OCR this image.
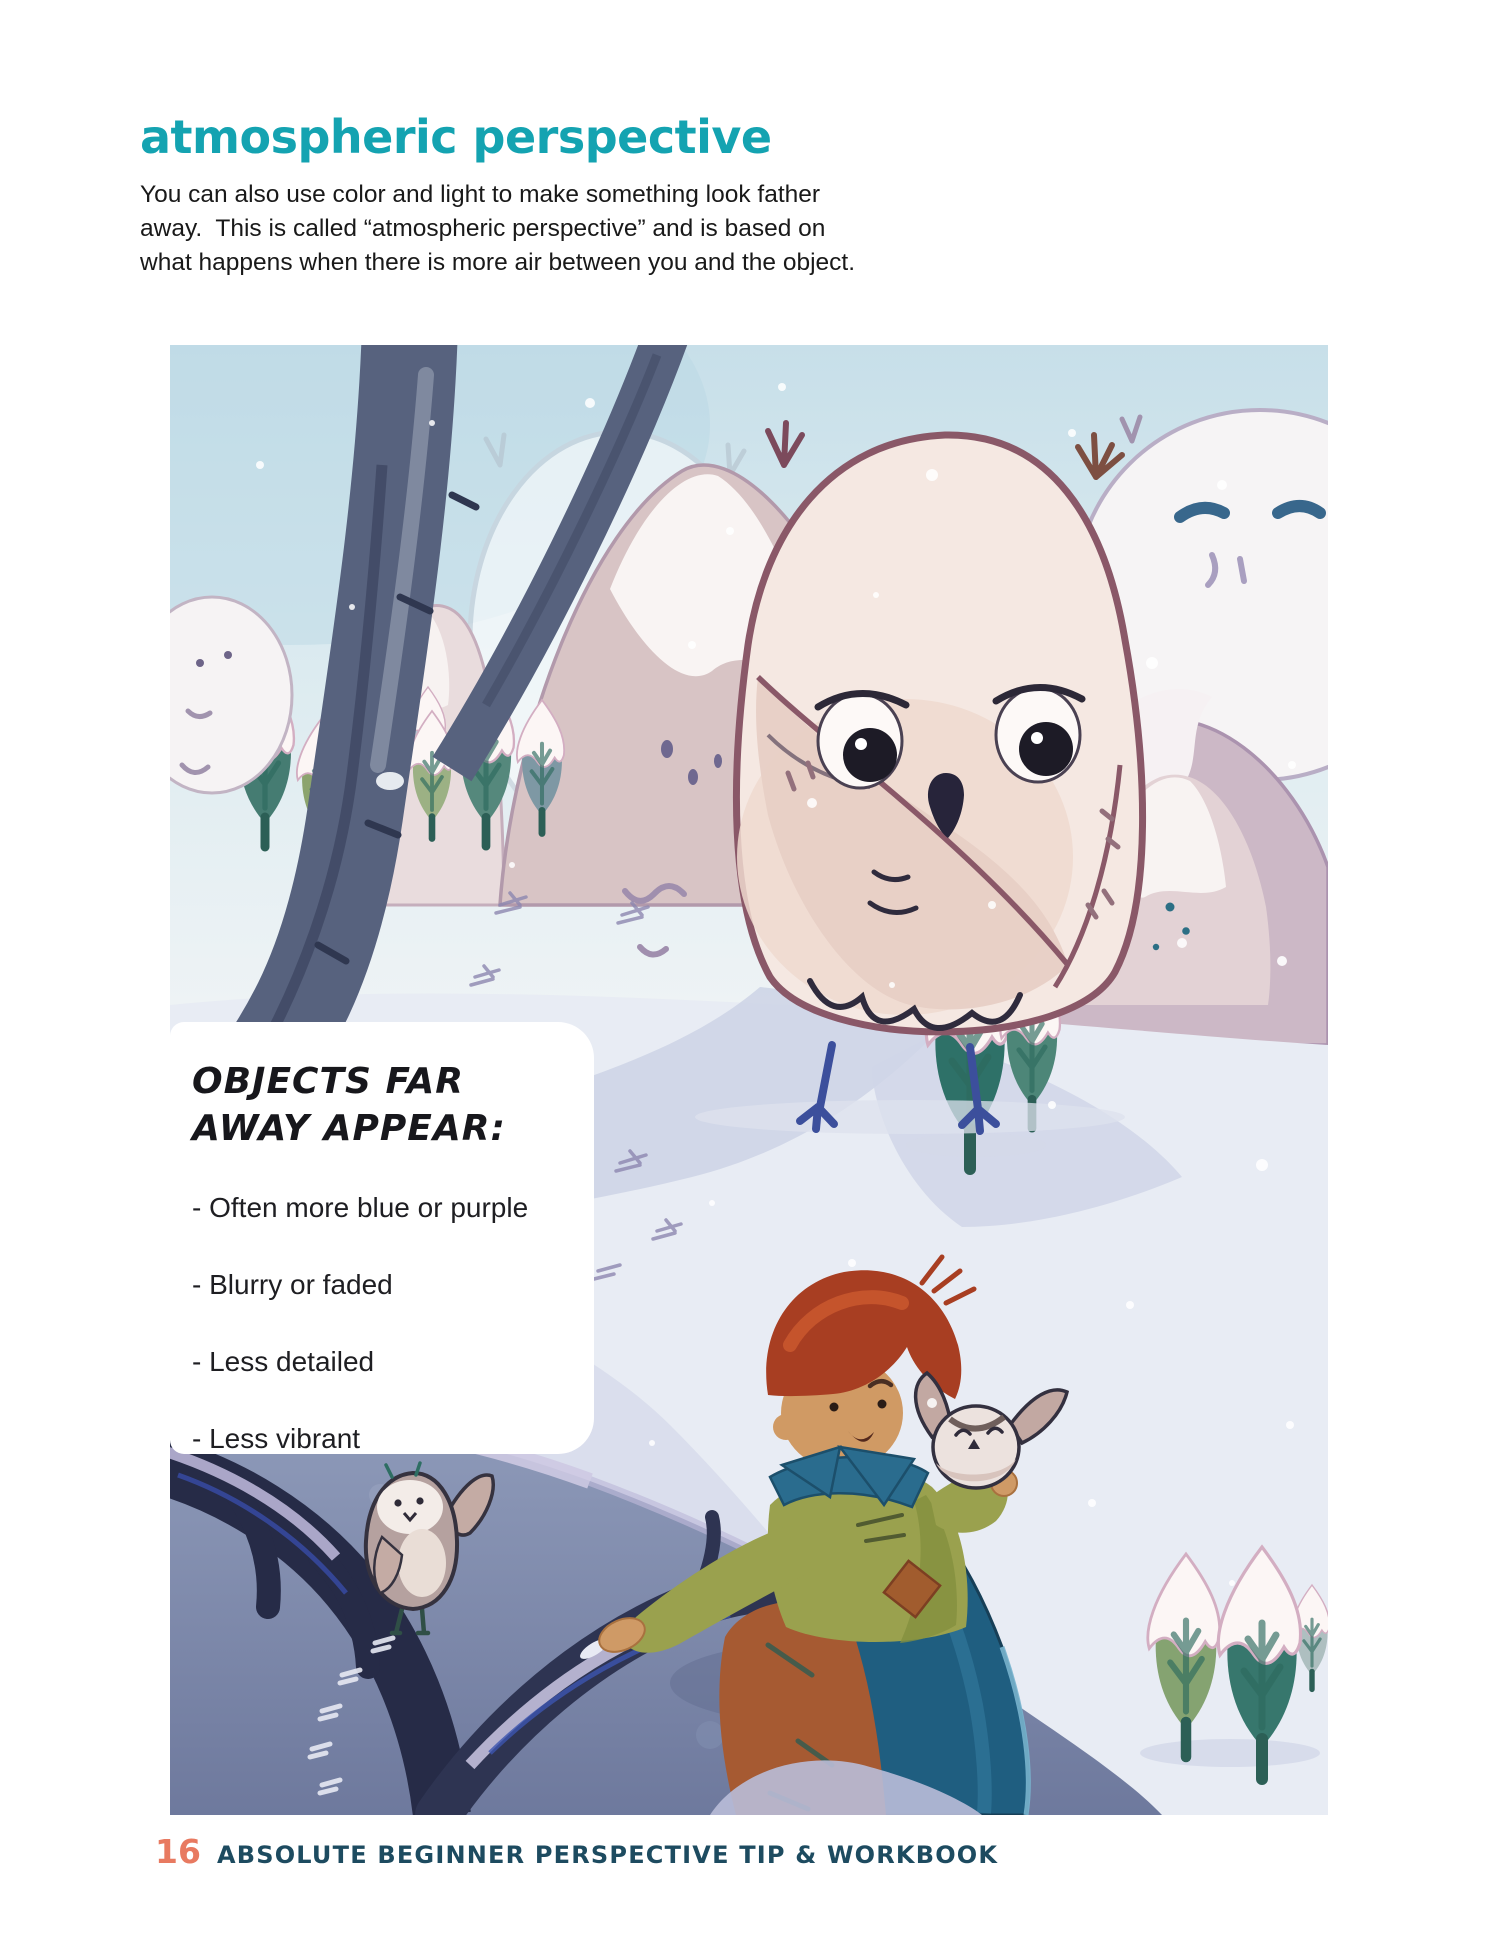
atmospheric perspective
You can also use color and light to make something look father
away.  This is called “atmospheric perspective” and is based on
what happens when there is more air between you and the object.
OBJECTS FAR AWAY APPEAR:
- Often more blue or purple
- Blurry or faded
- Less detailed
- Less vibrant
16 ABSOLUTE BEGINNER PERSPECTIVE TIP & WORKBOOK
